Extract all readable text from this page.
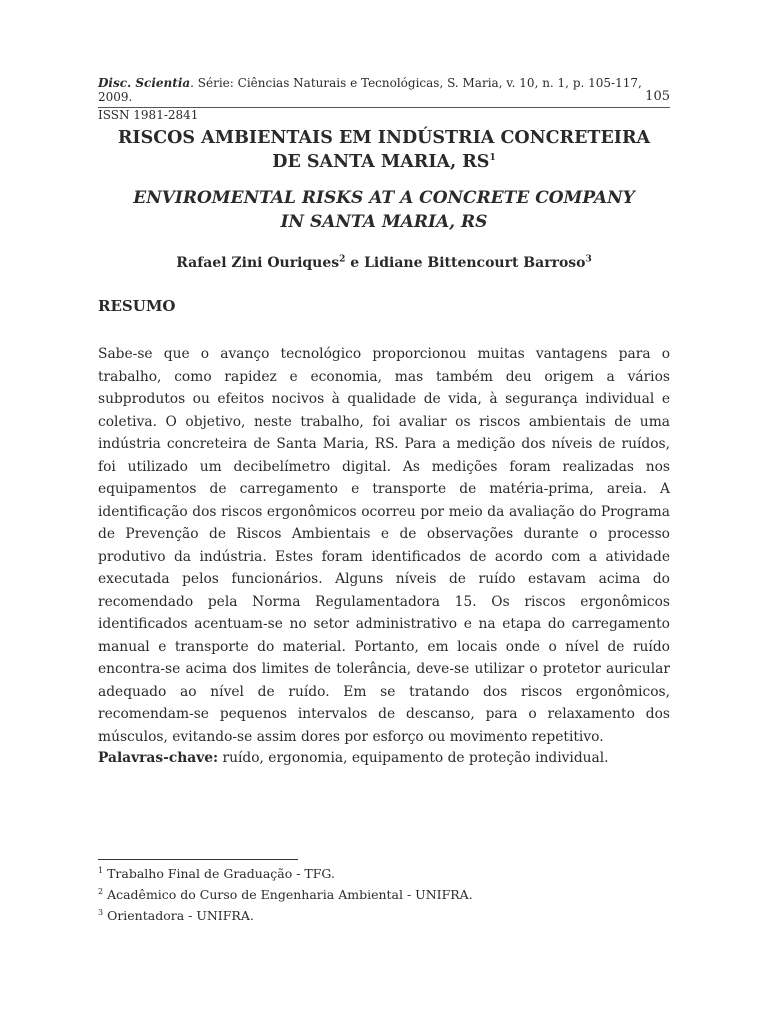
Disc. Scientia. Série: Ciências Naturais e Tecnológicas, S. Maria, v. 10, n. 1, p. 105-117, 2009.	105
ISSN 1981-2841
RISCOS AMBIENTAIS EM INDÚSTRIA CONCRETEIRA
DE SANTA MARIA, $RS^1$
ENVIROMENTAL RISKS AT A CONCRETE COMPANY
IN SANTA MARIA, RS
Rafael Zini Ouriques$^2$ e Lidiane Bittencourt Barroso$^3$
RESUMO

Sabe-se que o avanço tecnológico proporcionou muitas vantagens para o trabalho, como rapidez e economia, mas também deu origem a vários subprodutos ou efeitos nocivos à qualidade de vida, à segurança individual e coletiva. O objetivo, neste trabalho, foi avaliar os riscos ambientais de uma indústria concreteira de Santa Maria, RS. Para a medição dos níveis de ruídos, foi utilizado um decibelímetro digital. As medições foram realizadas nos equipamentos de carregamento e transporte de matéria-prima, areia. A identificação dos riscos ergonômicos ocorreu por meio da avaliação do Programa de Prevenção de Riscos Ambientais e de observações durante o processo produtivo da indústria. Estes foram identificados de acordo com a atividade executada pelos funcionários. Alguns níveis de ruído estavam acima do recomendado pela Norma Regulamentadora 15. Os riscos ergonômicos identificados acentuam-se no setor administrativo e na etapa do carregamento manual e transporte do material. Portanto, em locais onde o nível de ruído encontra-se acima dos limites de tolerância, deve-se utilizar o protetor auricular adequado ao nível de ruído. Em se tratando dos riscos ergonômicos, recomendam-se pequenos intervalos de descanso, para o relaxamento dos músculos, evitando-se assim dores por esforço ou movimento repetitivo.

Palavras-chave: ruído, ergonomia, equipamento de proteção individual.

$^1$ Trabalho Final de Graduação - TFG.
$^2$ Acadêmico do Curso de Engenharia Ambiental - UNIFRA.
$^3$ Orientadora - UNIFRA.
